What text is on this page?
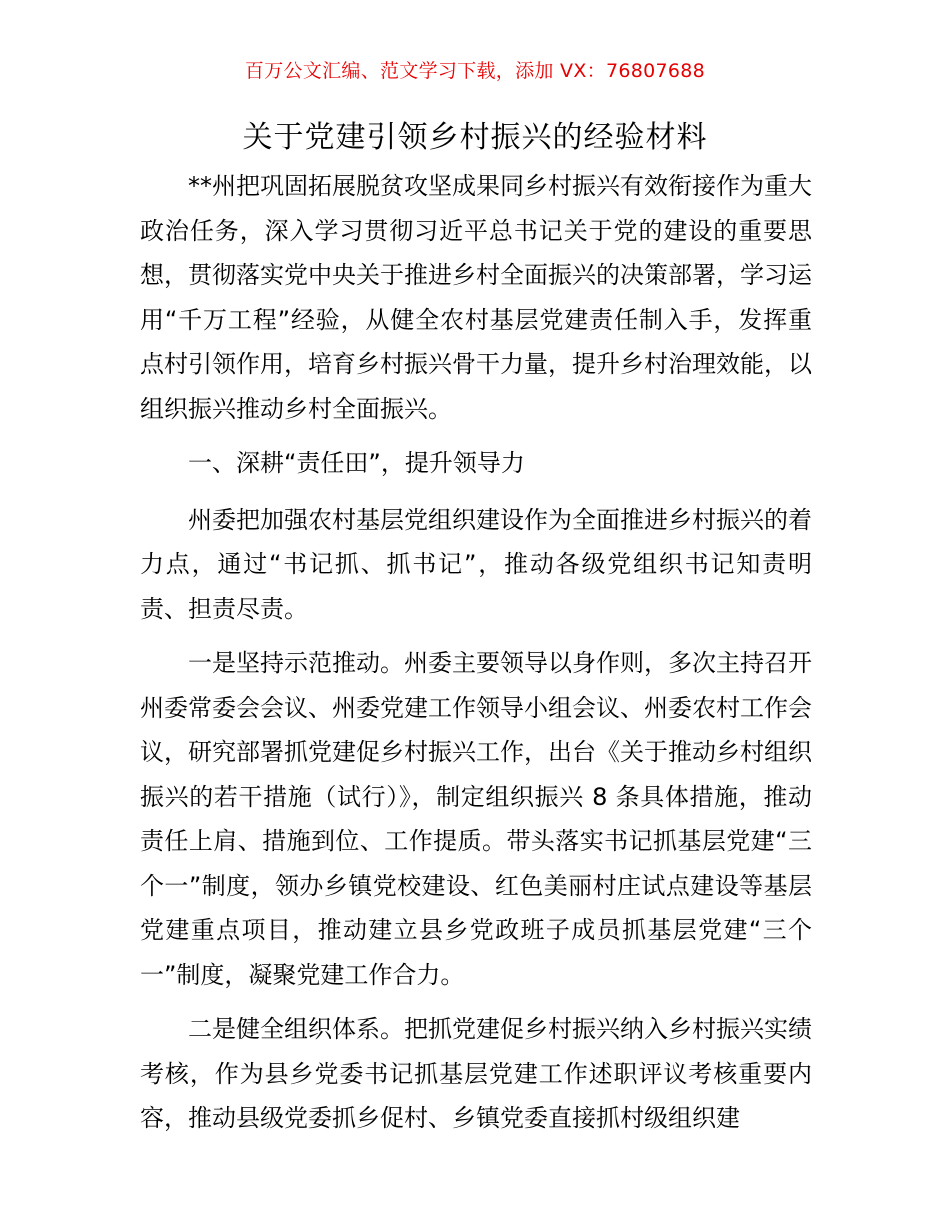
百万公文汇编、范文学习下载，添加 VX：76807688
关于党建引领乡村振兴的经验材料

**州把巩固拓展脱贫攻坚成果同乡村振兴有效衔接作为重大政治任务，深入学习贯彻习近平总书记关于党的建设的重要思想，贯彻落实党中央关于推进乡村全面振兴的决策部署，学习运用“千万工程”经验，从健全农村基层党建责任制入手，发挥重点村引领作用，培育乡村振兴骨干力量，提升乡村治理效能，以组织振兴推动乡村全面振兴。

一、深耕“责任田”，提升领导力

州委把加强农村基层党组织建设作为全面推进乡村振兴的着力点，通过“书记抓、抓书记”，推动各级党组织书记知责明责、担责尽责。

一是坚持示范推动。州委主要领导以身作则，多次主持召开州委常委会会议、州委党建工作领导小组会议、州委农村工作会议，研究部署抓党建促乡村振兴工作，出台《关于推动乡村组织振兴的若干措施（试行）》，制定组织振兴 8 条具体措施，推动责任上肩、措施到位、工作提质。带头落实书记抓基层党建“三个一”制度，领办乡镇党校建设、红色美丽村庄试点建设等基层党建重点项目，推动建立县乡党政班子成员抓基层党建“三个一”制度，凝聚党建工作合力。

二是健全组织体系。把抓党建促乡村振兴纳入乡村振兴实绩考核，作为县乡党委书记抓基层党建工作述职评议考核重要内容，推动县级党委抓乡促村、乡镇党委直接抓村级组织建
